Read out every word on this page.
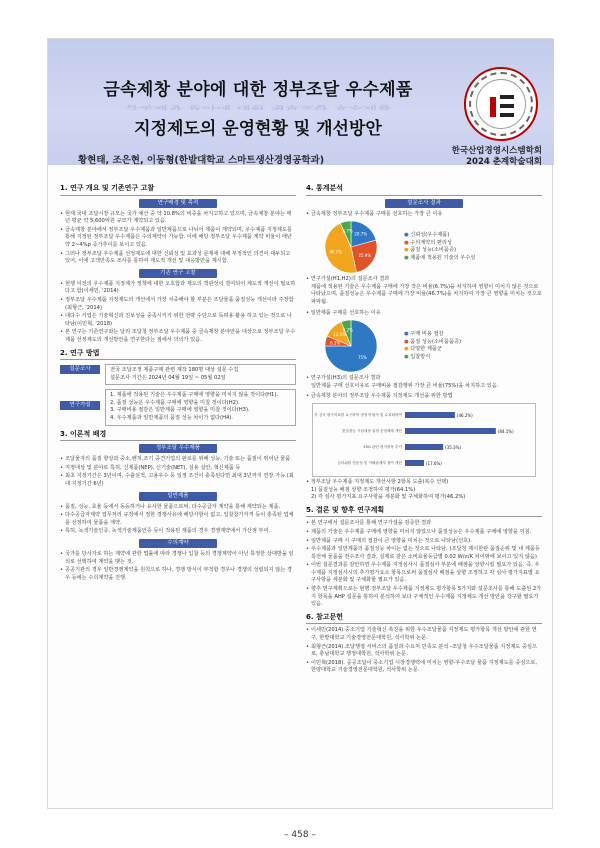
금속제창 분야에 대한 정부조달 우수제품
금속제창 분야에 대한 정부조달 우수제품
지정제도의 운영현황 및 개선방안
황현태, 조은현, 이동형(한밭대학교 스마트생산경영공학과)
한국산업경영시스템학회
2024 춘계학술대회
1. 연구 개요 및 기존연구 고찰
연구배경 및 목적
• 현재 국내 조달시장 규모는 국가 예산 중 약 10.8%의 비중을 차지고하고 있으며, 금속제창 분야는 매년 평균 약 5,600억원 규모가 계약되고 있음.
• 금속제창 분야에서 정부조달 우수제품과 일반제품으로 나뉘어 제품이 계약되며, 우수제품 지정제도를 통해 지정된 정부조달 우수제품은 수의계약이 가능함. 이에 해당 정부조달 우수제품 계약 비율이 매년 약 2~4%p 증가추이를 보이고 있음.
• 그러나 정부조달 우수제품 선정제도에 대한 신뢰성 및 효과성 문제에 대해 부정적인 의견이 대두되고 있어, 이에 고객만족도 조사를 통하여 제도적 개선 및 대응방안을 제시함.
기존 연구 고찰
• 현행 이전의 우수제품 지정제가 정책에 대한 오호함과 제도의 객관성이 결여되어 제도적 개선이 필요하다고 함(이세민, '2014)
• 정부조달 우수제품 지정제도의 개선에서 가장 치중해야 할 부분은 조달물품 품질성능 개선이라 주장함(최형근, '2014)
• 대다수 기업은 기술혁신과 진보성을 중족시키기 위한 전략 수단으로 독려용 활용 하고 있는 것으로 나타남(이민혁, '2018)
• 본 연구는 기존연구와는 달리 조달청 정부조달 우수제품 중 금속제창 분야만을 대상으로 정부조달 우수제품 선정제도의 개선방안을 연구한다는 점에서 의의가 있음.
2. 연구 방법
설문조사	전국 조달조정 제품구매 관련 제작 180명 대상 설문 수집
설문조사 기간은 2024년 04월 19일 ~ 05월 02일
연구가설
1. 제품에 적용된 기술은 우수제품 구매에 영향을 미치지 않을 것이다(H1).
2. 품질 성능은 우수제품 구매에 영향을 미칠 것이다(H2).
3. 구매비용 절감은 일반제품 구매에 영향을 미칠 것이다(H3).
4. 우수제품과 일반제품의 품질 성능 차이가 없다(H4).
3. 이론적 배경
정부조달 우수제품
• 조달물자의 품질 향상과 중소,벤처,조기 중견기업의 판로를 위해 성능, 기술 또는 품질이 뛰어난 물품
• 지정대상 및 분야로 특허, 신제품(NEP), 신기술(NET), 실용 실안, 혁신제품 등
• 최초 지정기간은 3년이며, 수출실적, 고용우수 등 일정 조건이 충족된다면 최대 3년까지 연장 가능 (최대 지정기간 6년)
일반제품
• 품질, 성능, 효율 등에서 동등하거나 유사한 물품으로써, 다수공급자 계약을 통해 계약되는 제품.
• 다수공급자계약 업무처리 규정에서 정한 경쟁사유에 해당사항이 없고, 입찰참가자격 등이 충족된 업체를 선정하여 물품을 계약.
• 특허, 녹색기술인증, 녹색기술제품인증 등이 적용된 제품의 경우 경쟁계약에서 가산점 부여.
수의계약
• 국가를 당사자로 하는 계약에 관한 법률에 따라 경쟁나 입찰 등의 경쟁계약이 아닌 특정한 상대방을 임의로 선택하여 계약을 맺는 것.
• 공공기관의 경우 일반경쟁계약을 원칙으로 하나, 경쟁 방식이 부적합 경우나 경쟁의 성립되지 않는 경우 등에는 수의계약을 진행.
4. 통계분석
설문조사 결과
• 금속제창 정부조달 우수제품 구매를 선호하는 가장 큰 이유
20.7%
25.9%
46.7%
6.7%
● 신뢰성(우수제품)
● 수의계약의 편리성
● 품질 성능(소비품증)
● 제품에 적용된 기술의 우수성
• 연구가설(H1,H2)의 설문조사 결과
제품에 적용된 기술은 우수제품 구매에 가장 작은 비율(6.7%)을 차지하여 영향이 미치지 않은 것으로 나타났으며, 품질성능은 우수제품 구매에 가장 비율(46.7%)을 차지하여 가장 큰 영향을 미치는 것으로 파악됨.
• 일반제품 구매를 선호하는 이유
75%
6.3%
12.5%
6.2%
● 구매 비용 절감
● 품질 성능(소비품품증)
● 다양한 제품군
● 입찰방식
• 연구가설(H3)의 설문조사 결과
일반제품 구매 선호이유로 구매비용 절감행위 가장 큰 비율(75%)을 차지하고 있음.
• 금속제창 분야의 정부조달 우수제품 지정제도 개선을 위한 방법
각 심사 평가지표를 요구하여 정성적 평가 및 수치화하여	(46.2%)
품질성능 시험대상 설정 운영체계 개선	(84.1%)
ESG 관련 평가항목 추가	(35.3%)
심의위원 전문성 및 이해관계자 참여 개선	(17.6%)
• 정부조달 우수제품 지정제도 개선사항 2항목 도출(복수 선택)
1) 품질성능 배점 상향 조정하여 평가(64.1%)
2) 각 심사 평가지표 요구사항을 세분화 및 구체화하여 평가(46.2%)
5. 결론 및 향후 연구계획
• 본 연구에서 설문조사를 통해 연구가설을 검증한 결과
• 제품의 기술은 우수제품 구매에 영향을 미치지 않았으나 품질성능은 우수제품 구매에 영향을 끼침.
• 일반제품 구매 시 구매의 절감이 큰 영향을 미치는 것으로 나타남(선호).
• 우수제품과 일반제품의 품질성능 차이는 없는 것으로 나타남. (조달청 제시한관 품질순위 및 내 제품등록전체 물품을 전수조사 결과, 실제로 같은 소비효율등급별 0.02 W/㎡K 차이밖에 보이고 있지 않음)
• 이번 설문결과를 감안하면 우수제품 지정심사시 품질심사 부분에 배점을 상향시킬 필요가 있음. 즉, 우수제품 지정심사시의 추가평가요소 항목으로써 품질심사 배점을 상향 조정하고 각 심사 평가지표별 요구사항을 세분화 및 구체화할 필요가 있음.
• 향후 연구계획으로는 현행 정부조달 우수제품 지정제도 평가항목 5가지와 설문조사를 통해 도출된 2가지 항목을 AHP 설문을 통하여 분석하여 보다 구체적인 우수제품 지정제도 개선 방안을 강구할 필요가 있음.
6. 참고문헌
• 이세민(2014).중소기업 기술혁신 촉진을 위한 우수조달물품 지정제도 평가항목 개선 방안에 관한 연구, 한밭대학교 기술경영전문대학원, 석사학위 논문.
• 최형근(2014).조달행정 서비스의 품질과 수요처 만족도 분석 -조달청 우수조달물품 지정제도 중심으로, 충남대학교 행정대학원, 석사학위 논문.
• 이민혁(2018). 공공조달이 중소기업 시장경쟁력에 미치는 영향-우수조달 물품 지정제도를 중심으로, 한양대학교 기술경영전문대학원, 석사학위 논문.
– 458 –
